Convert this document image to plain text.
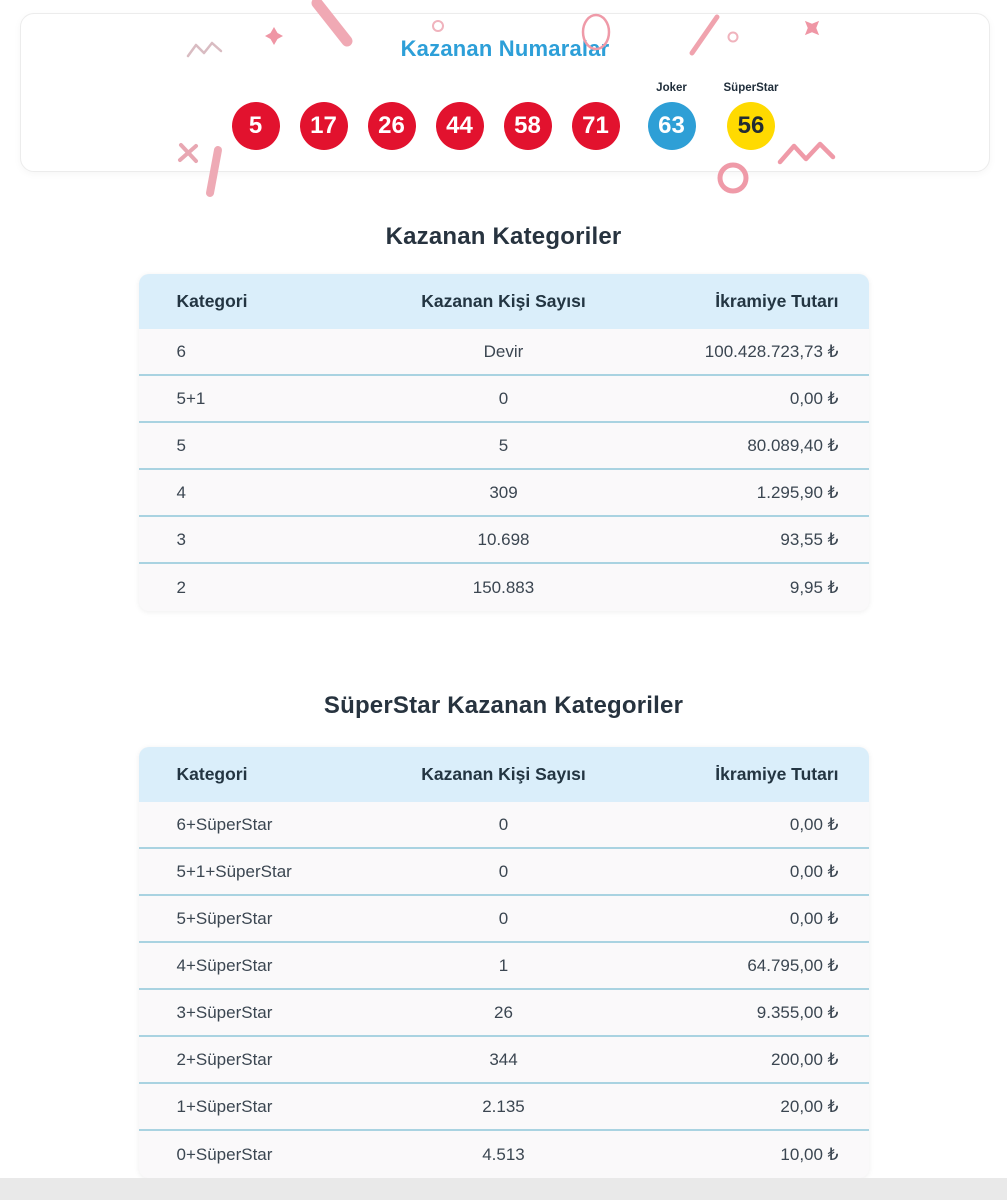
Kazanan Numaralar
5	17	26	44	58	71
Joker
63
SüperStar
56
Kazanan Kategoriler
Kategori	Kazanan Kişi Sayısı	İkramiye Tutarı
6	Devir	100.428.723,73 ₺
5+1	0	0,00 ₺
5	5	80.089,40 ₺
4	309	1.295,90 ₺
3	10.698	93,55 ₺
2	150.883	9,95 ₺
SüperStar Kazanan Kategoriler
Kategori	Kazanan Kişi Sayısı	İkramiye Tutarı
6+SüperStar	0	0,00 ₺
5+1+SüperStar	0	0,00 ₺
5+SüperStar	0	0,00 ₺
4+SüperStar	1	64.795,00 ₺
3+SüperStar	26	9.355,00 ₺
2+SüperStar	344	200,00 ₺
1+SüperStar	2.135	20,00 ₺
0+SüperStar	4.513	10,00 ₺
